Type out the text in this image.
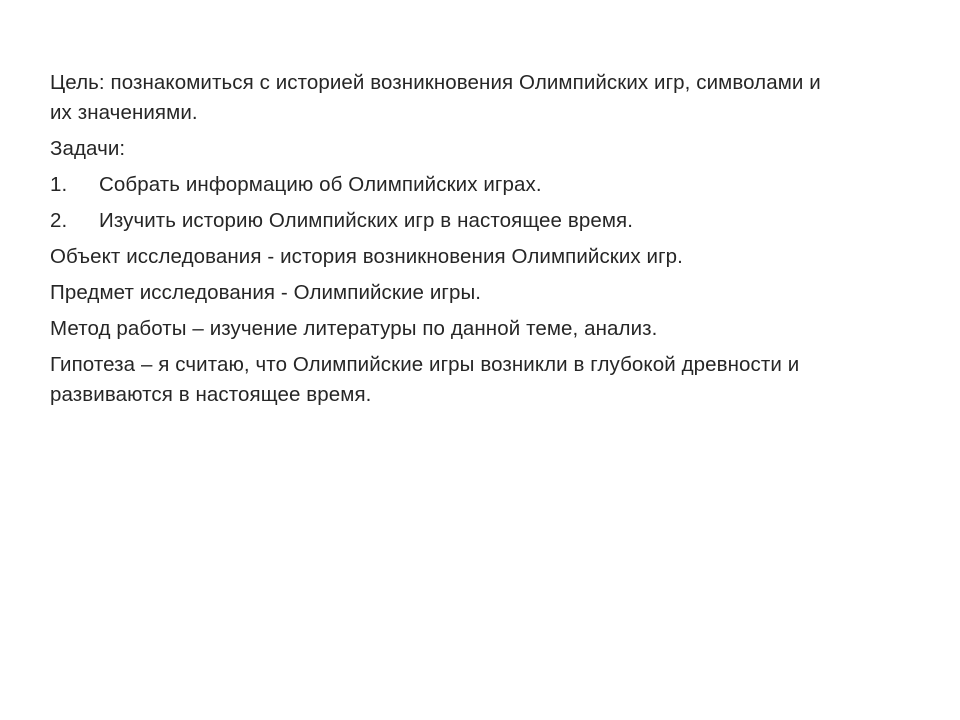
Цель: познакомиться с историей возникновения Олимпийских игр, символами и их значениями.

Задачи:

1.	Собрать информацию об Олимпийских играх.
2.	Изучить историю Олимпийских игр в настоящее время.

Объект исследования - история возникновения Олимпийских игр.

Предмет исследования - Олимпийские игры.

Метод работы – изучение литературы по данной теме, анализ.

Гипотеза – я считаю, что Олимпийские игры возникли в глубокой древности и развиваются в настоящее время.
